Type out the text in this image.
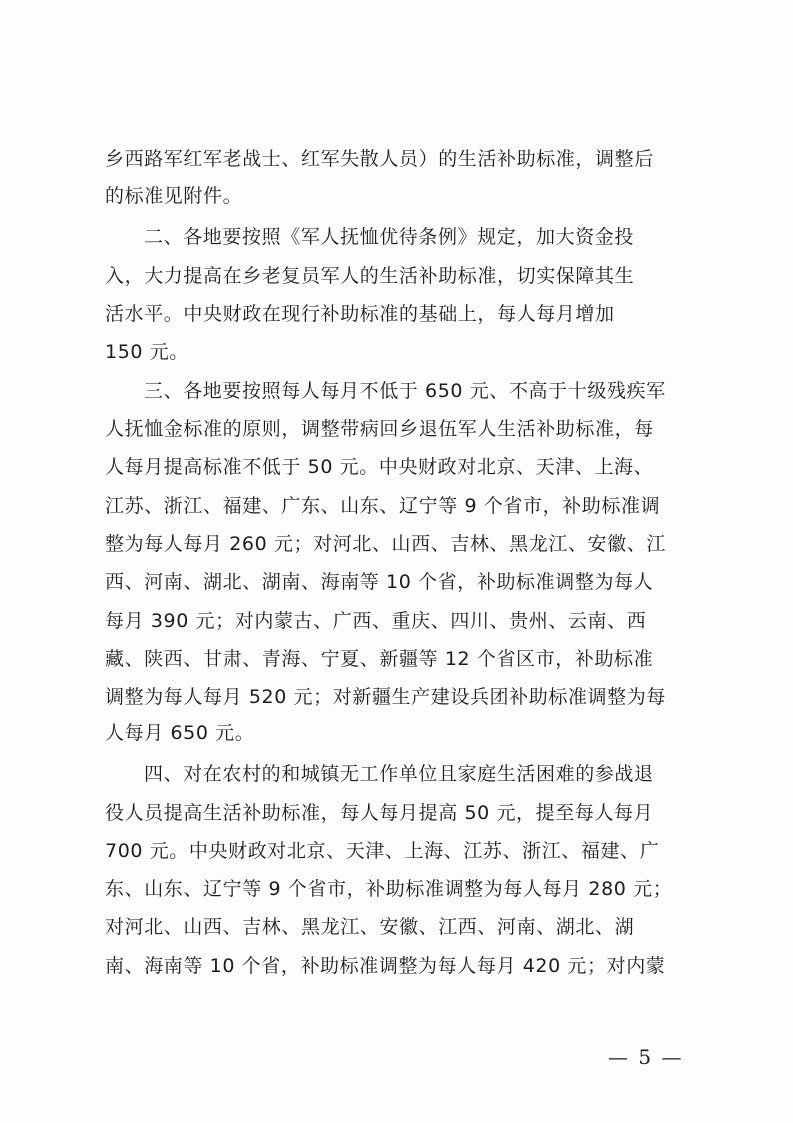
乡西路军红军老战士、红军失散人员）的生活补助标准，调整后
的标准见附件。
二、各地要按照《军人抚恤优待条例》规定，加大资金投
入，大力提高在乡老复员军人的生活补助标准，切实保障其生
活水平。中央财政在现行补助标准的基础上，每人每月增加
150 元。
三、各地要按照每人每月不低于 650 元、不高于十级残疾军
人抚恤金标准的原则，调整带病回乡退伍军人生活补助标准，每
人每月提高标准不低于 50 元。中央财政对北京、天津、上海、
江苏、浙江、福建、广东、山东、辽宁等 9 个省市，补助标准调
整为每人每月 260 元；对河北、山西、吉林、黑龙江、安徽、江
西、河南、湖北、湖南、海南等 10 个省，补助标准调整为每人
每月 390 元；对内蒙古、广西、重庆、四川、贵州、云南、西
藏、陕西、甘肃、青海、宁夏、新疆等 12 个省区市，补助标准
调整为每人每月 520 元；对新疆生产建设兵团补助标准调整为每
人每月 650 元。
四、对在农村的和城镇无工作单位且家庭生活困难的参战退
役人员提高生活补助标准，每人每月提高 50 元，提至每人每月
700 元。中央财政对北京、天津、上海、江苏、浙江、福建、广
东、山东、辽宁等 9 个省市，补助标准调整为每人每月 280 元；
对河北、山西、吉林、黑龙江、安徽、江西、河南、湖北、湖
南、海南等 10 个省，补助标准调整为每人每月 420 元；对内蒙
— 5 —
